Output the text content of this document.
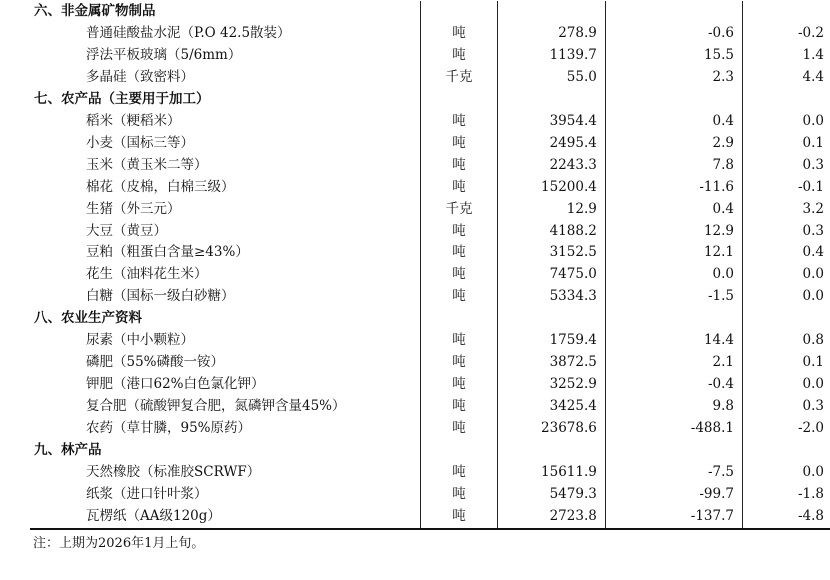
六、非金属矿物制品				
普通硅酸盐水泥（P.O 42.5散装）	吨	278.9	-0.6	-0.2
浮法平板玻璃（5/6mm）	吨	1139.7	15.5	1.4
多晶硅（致密料）	千克	55.0	2.3	4.4
七、农产品（主要用于加工）				
稻米（粳稻米）	吨	3954.4	0.4	0.0
小麦（国标三等）	吨	2495.4	2.9	0.1
玉米（黄玉米二等）	吨	2243.3	7.8	0.3
棉花（皮棉，白棉三级）	吨	15200.4	-11.6	-0.1
生猪（外三元）	千克	12.9	0.4	3.2
大豆（黄豆）	吨	4188.2	12.9	0.3
豆粕（粗蛋白含量≥43%）	吨	3152.5	12.1	0.4
花生（油料花生米）	吨	7475.0	0.0	0.0
白糖（国标一级白砂糖）	吨	5334.3	-1.5	0.0
八、农业生产资料				
尿素（中小颗粒）	吨	1759.4	14.4	0.8
磷肥（55%磷酸一铵）	吨	3872.5	2.1	0.1
钾肥（港口62%白色氯化钾）	吨	3252.9	-0.4	0.0
复合肥（硫酸钾复合肥，氮磷钾含量45%）	吨	3425.4	9.8	0.3
农药（草甘膦，95%原药）	吨	23678.6	-488.1	-2.0
九、林产品				
天然橡胶（标准胶SCRWF）	吨	15611.9	-7.5	0.0
纸浆（进口针叶浆）	吨	5479.3	-99.7	-1.8
瓦楞纸（AA级120g）	吨	2723.8	-137.7	-4.8
注：上期为2026年1月上旬。
